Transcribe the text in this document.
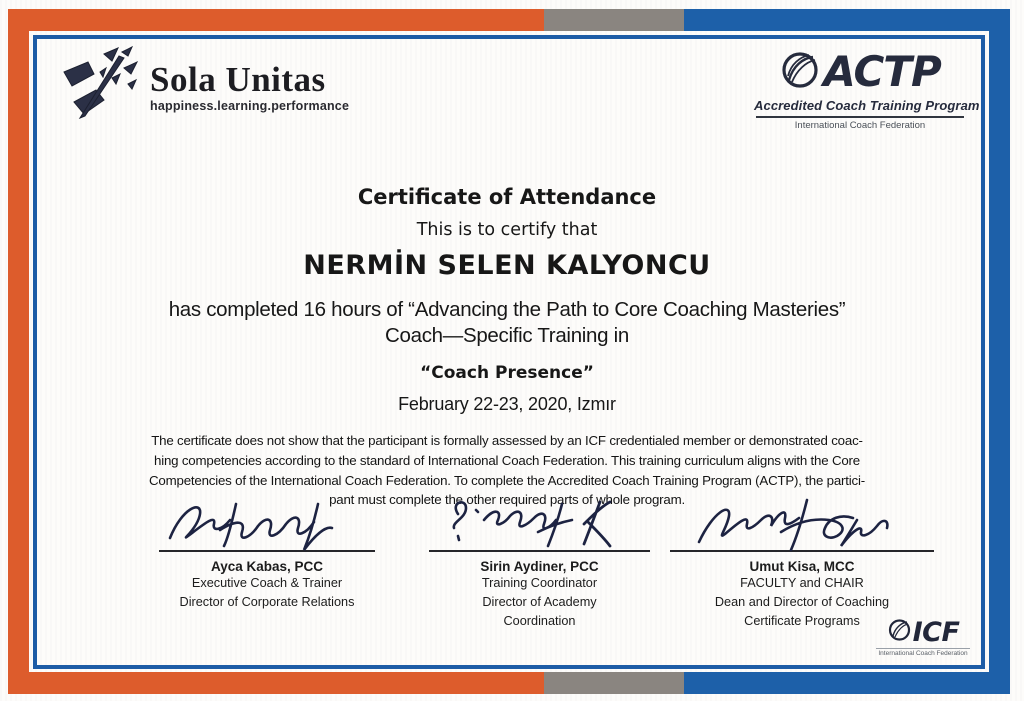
Sola Unitas
happiness.learning.performance
ACTP
Accredited Coach Training Program
International Coach Federation
Certificate of Attendance
This is to certify that
NERMİN SELEN KALYONCU
has completed 16 hours of “Advancing the Path to Core Coaching Masteries”
Coach—Specific Training in
“Coach Presence”
February 22-23, 2020, Izmır
The certificate does not show that the participant is formally assessed by an ICF credentialed member or demonstrated coac-
hing competencies according to the standard of International Coach Federation. This training curriculum aligns with the Core
Competencies of the International Coach Federation. To complete the Accredited Coach Training Program (ACTP), the partici-
pant must complete the other required parts of whole program.
Ayca Kabas, PCC
Executive Coach & Trainer
Director of Corporate Relations
Sirin Aydiner, PCC
Training Coordinator
Director of Academy
Coordination
Umut Kisa, MCC
FACULTY and CHAIR
Dean and Director of Coaching
Certificate Programs	ICF
International Coach Federation
